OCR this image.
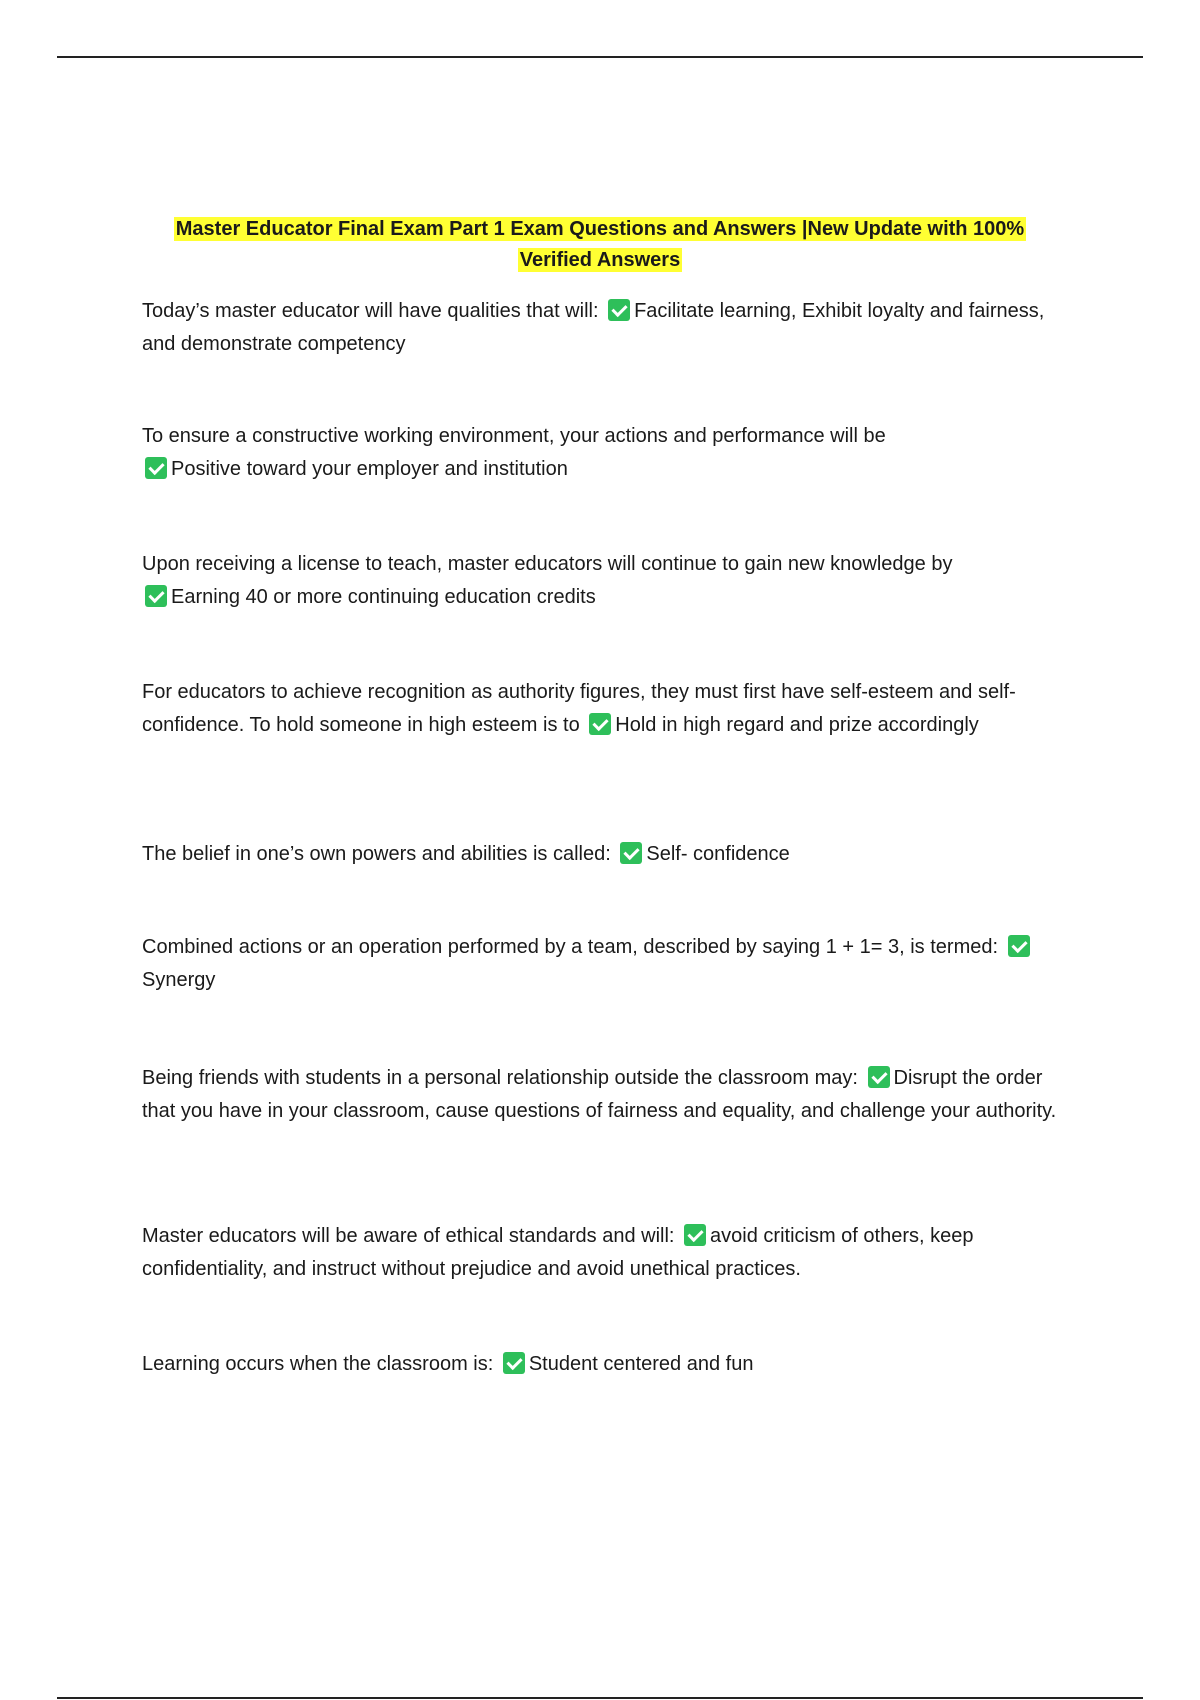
Master Educator Final Exam Part 1 Exam Questions and Answers |New Update with 100%
Verified Answers
Today’s master educator will have qualities that will: Facilitate learning, Exhibit loyalty and fairness, and demonstrate competency
To ensure a constructive working environment, your actions and performance will be
Positive toward your employer and institution
Upon receiving a license to teach, master educators will continue to gain new knowledge by
Earning 40 or more continuing education credits
For educators to achieve recognition as authority figures, they must first have self-esteem and self-confidence. To hold someone in high esteem is to Hold in high regard and prize accordingly
The belief in one’s own powers and abilities is called: Self- confidence
Combined actions or an operation performed by a team, described by saying 1 + 1= 3, is termed: Synergy
Being friends with students in a personal relationship outside the classroom may: Disrupt the order that you have in your classroom, cause questions of fairness and equality, and challenge your authority.
Master educators will be aware of ethical standards and will: avoid criticism of others, keep confidentiality, and instruct without prejudice and avoid unethical practices.
Learning occurs when the classroom is: Student centered and fun
